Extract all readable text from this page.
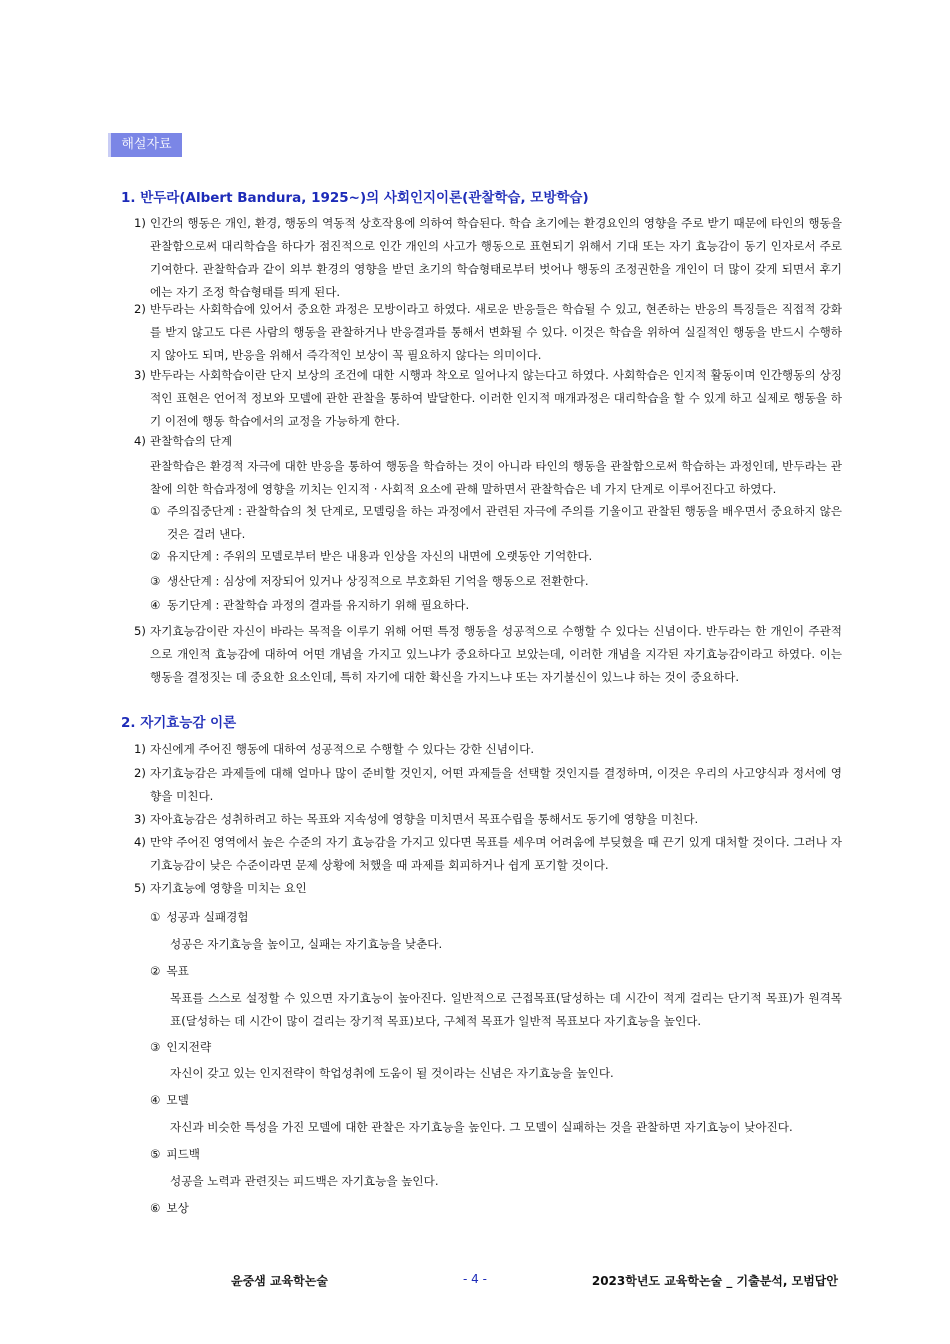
해설자료
1. 반두라(Albert Bandura, 1925~)의 사회인지이론(관찰학습, 모방학습)
1) 인간의 행동은 개인, 환경, 행동의 역동적 상호작용에 의하여 학습된다. 학습 초기에는 환경요인의 영향을 주로 받기 때문에 타인의 행동을 관찰함으로써 대리학습을 하다가 점진적으로 인간 개인의 사고가 행동으로 표현되기 위해서 기대 또는 자기 효능감이 동기 인자로서 주로 기여한다. 관찰학습과 같이 외부 환경의 영향을 받던 초기의 학습형태로부터 벗어나 행동의 조정권한을 개인이 더 많이 갖게 되면서 후기에는 자기 조정 학습형태를 띄게 된다.
2) 반두라는 사회학습에 있어서 중요한 과정은 모방이라고 하였다. 새로운 반응들은 학습될 수 있고, 현존하는 반응의 특징들은 직접적 강화를 받지 않고도 다른 사람의 행동을 관찰하거나 반응결과를 통해서 변화될 수 있다. 이것은 학습을 위하여 실질적인 행동을 반드시 수행하지 않아도 되며, 반응을 위해서 즉각적인 보상이 꼭 필요하지 않다는 의미이다.
3) 반두라는 사회학습이란 단지 보상의 조건에 대한 시행과 착오로 일어나지 않는다고 하였다. 사회학습은 인지적 활동이며 인간행동의 상징적인 표현은 언어적 정보와 모델에 관한 관찰을 통하여 발달한다. 이러한 인지적 매개과정은 대리학습을 할 수 있게 하고 실제로 행동을 하기 이전에 행동 학습에서의 교정을 가능하게 한다.
4) 관찰학습의 단계
관찰학습은 환경적 자극에 대한 반응을 통하여 행동을 학습하는 것이 아니라 타인의 행동을 관찰함으로써 학습하는 과정인데, 반두라는 관찰에 의한 학습과정에 영향을 끼치는 인지적 · 사회적 요소에 관해 말하면서 관찰학습은 네 가지 단계로 이루어진다고 하였다.
① 주의집중단계 : 관찰학습의 첫 단계로, 모델링을 하는 과정에서 관련된 자극에 주의를 기울이고 관찰된 행동을 배우면서 중요하지 않은 것은 걸러 낸다.
② 유지단계 : 주위의 모델로부터 받은 내용과 인상을 자신의 내면에 오랫동안 기억한다.
③ 생산단계 : 심상에 저장되어 있거나 상징적으로 부호화된 기억을 행동으로 전환한다.
④ 동기단계 : 관찰학습 과정의 결과를 유지하기 위해 필요하다.
5) 자기효능감이란 자신이 바라는 목적을 이루기 위해 어떤 특정 행동을 성공적으로 수행할 수 있다는 신념이다. 반두라는 한 개인이 주관적으로 개인적 효능감에 대하여 어떤 개념을 가지고 있느냐가 중요하다고 보았는데, 이러한 개념을 지각된 자기효능감이라고 하였다. 이는 행동을 결정짓는 데 중요한 요소인데, 특히 자기에 대한 확신을 가지느냐 또는 자기불신이 있느냐 하는 것이 중요하다.
2. 자기효능감 이론
1) 자신에게 주어진 행동에 대하여 성공적으로 수행할 수 있다는 강한 신념이다.
2) 자기효능감은 과제들에 대해 얼마나 많이 준비할 것인지, 어떤 과제들을 선택할 것인지를 결정하며, 이것은 우리의 사고양식과 정서에 영향을 미친다.
3) 자아효능감은 성취하려고 하는 목표와 지속성에 영향을 미치면서 목표수립을 통해서도 동기에 영향을 미친다.
4) 만약 주어진 영역에서 높은 수준의 자기 효능감을 가지고 있다면 목표를 세우며 어려움에 부딪혔을 때 끈기 있게 대처할 것이다. 그러나 자기효능감이 낮은 수준이라면 문제 상황에 처했을 때 과제를 회피하거나 쉽게 포기할 것이다.
5) 자기효능에 영향을 미치는 요인
① 성공과 실패경험
성공은 자기효능을 높이고, 실패는 자기효능을 낮춘다.
② 목표
목표를 스스로 설정할 수 있으면 자기효능이 높아진다. 일반적으로 근접목표(달성하는 데 시간이 적게 걸리는 단기적 목표)가 원격목표(달성하는 데 시간이 많이 걸리는 장기적 목표)보다, 구체적 목표가 일반적 목표보다 자기효능을 높인다.
③ 인지전략
자신이 갖고 있는 인지전략이 학업성취에 도움이 될 것이라는 신념은 자기효능을 높인다.
④ 모델
자신과 비슷한 특성을 가진 모델에 대한 관찰은 자기효능을 높인다. 그 모델이 실패하는 것을 관찰하면 자기효능이 낮아진다.
⑤ 피드백
성공을 노력과 관련짓는 피드백은 자기효능을 높인다.
⑥ 보상
윤중샘 교육학논술	- 4 -	2023학년도 교육학논술 _ 기출분석, 모범답안
